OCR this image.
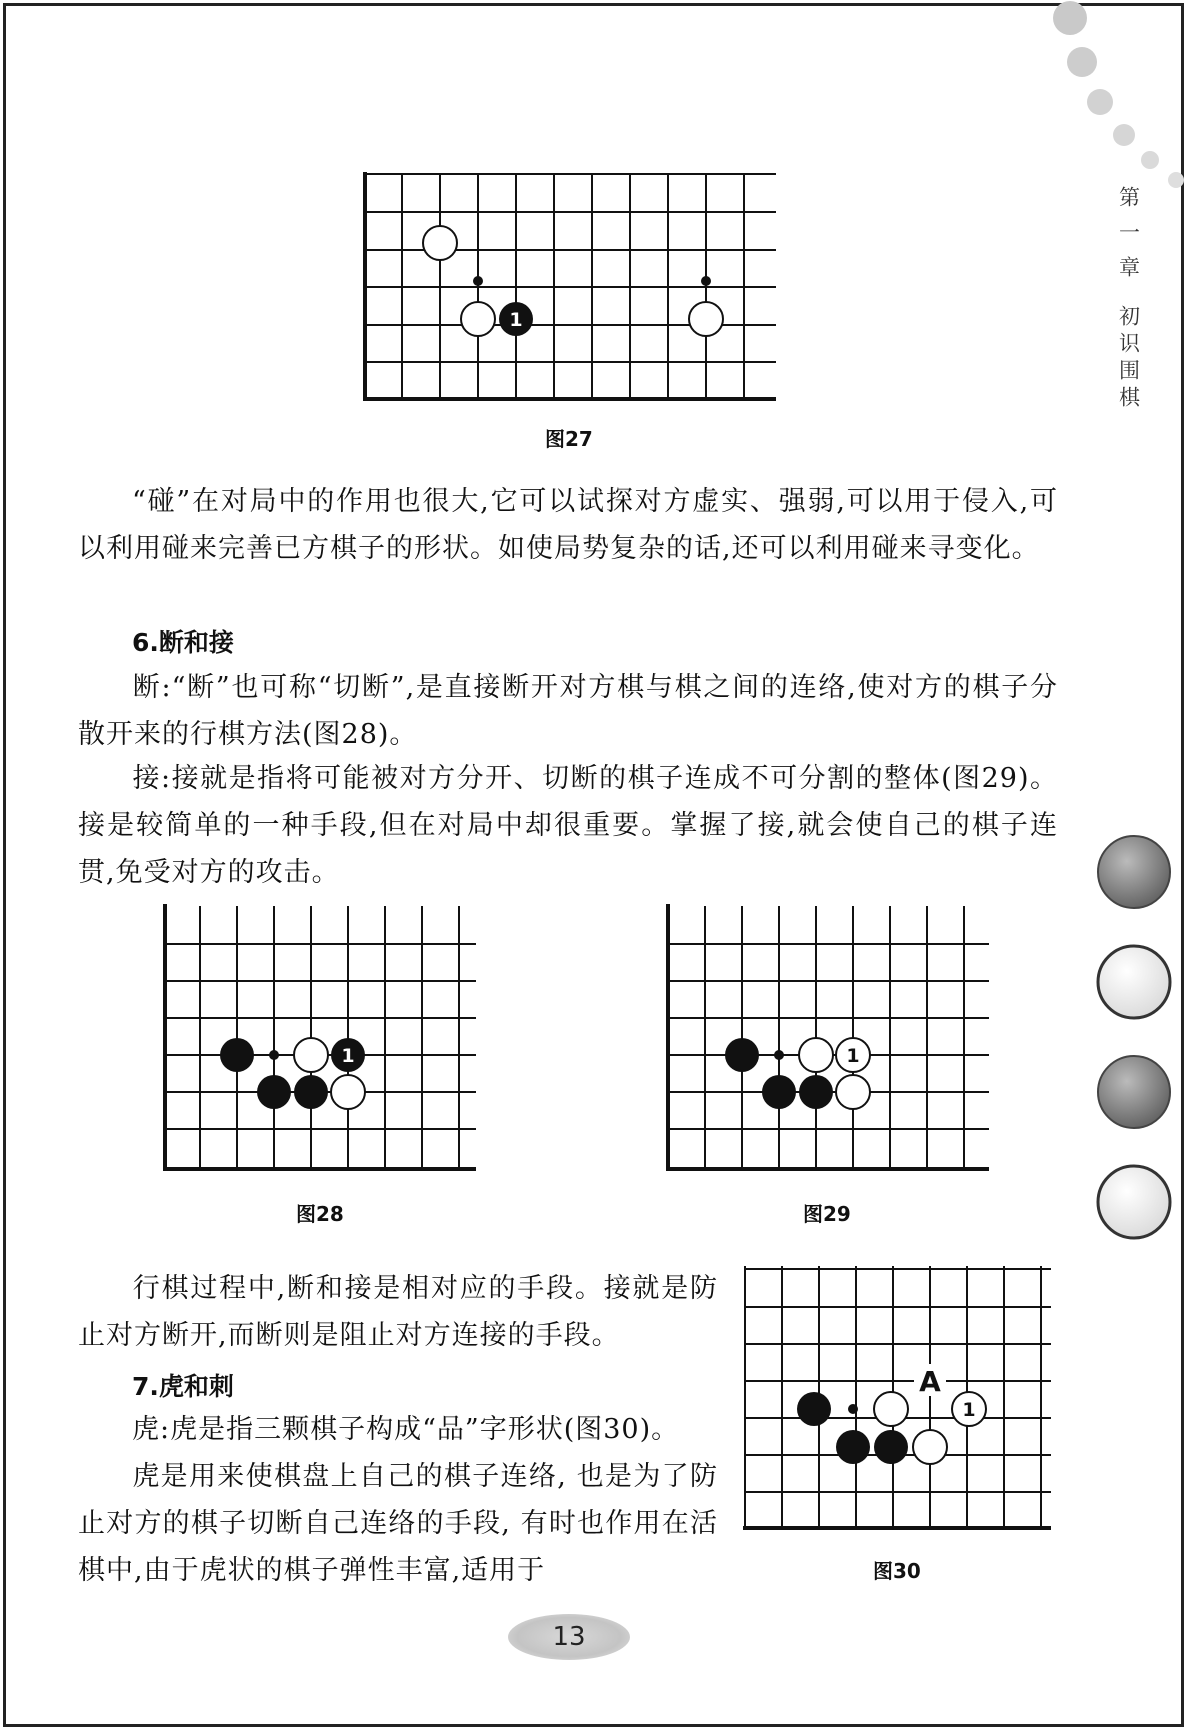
第一章
初识围棋
1
图27

“碰”在对局中的作用也很大,它可以试探对方虚实、强弱,可以用于侵入,可以利用碰来完善已方棋子的形状。如使局势复杂的话,还可以利用碰来寻变化。

6.断和接

断:“断”也可称“切断”,是直接断开对方棋与棋之间的连络,使对方的棋子分散开来的行棋方法(图28)。

接:接就是指将可能被对方分开、切断的棋子连成不可分割的整体(图29)。接是较简单的一种手段,但在对局中却很重要。掌握了接,就会使自己的棋子连贯,免受对方的攻击。

1
图28
1
图29

行棋过程中,断和接是相对应的手段。接就是防止对方断开,而断则是阻止对方连接的手段。

7.虎和刺

虎:虎是指三颗棋子构成“品”字形状(图30)。

虎是用来使棋盘上自己的棋子连络, 也是为了防止对方的棋子切断自己连络的手段, 有时也作用在活棋中,由于虎状的棋子弹性丰富,适用于

A
1
图30
13
